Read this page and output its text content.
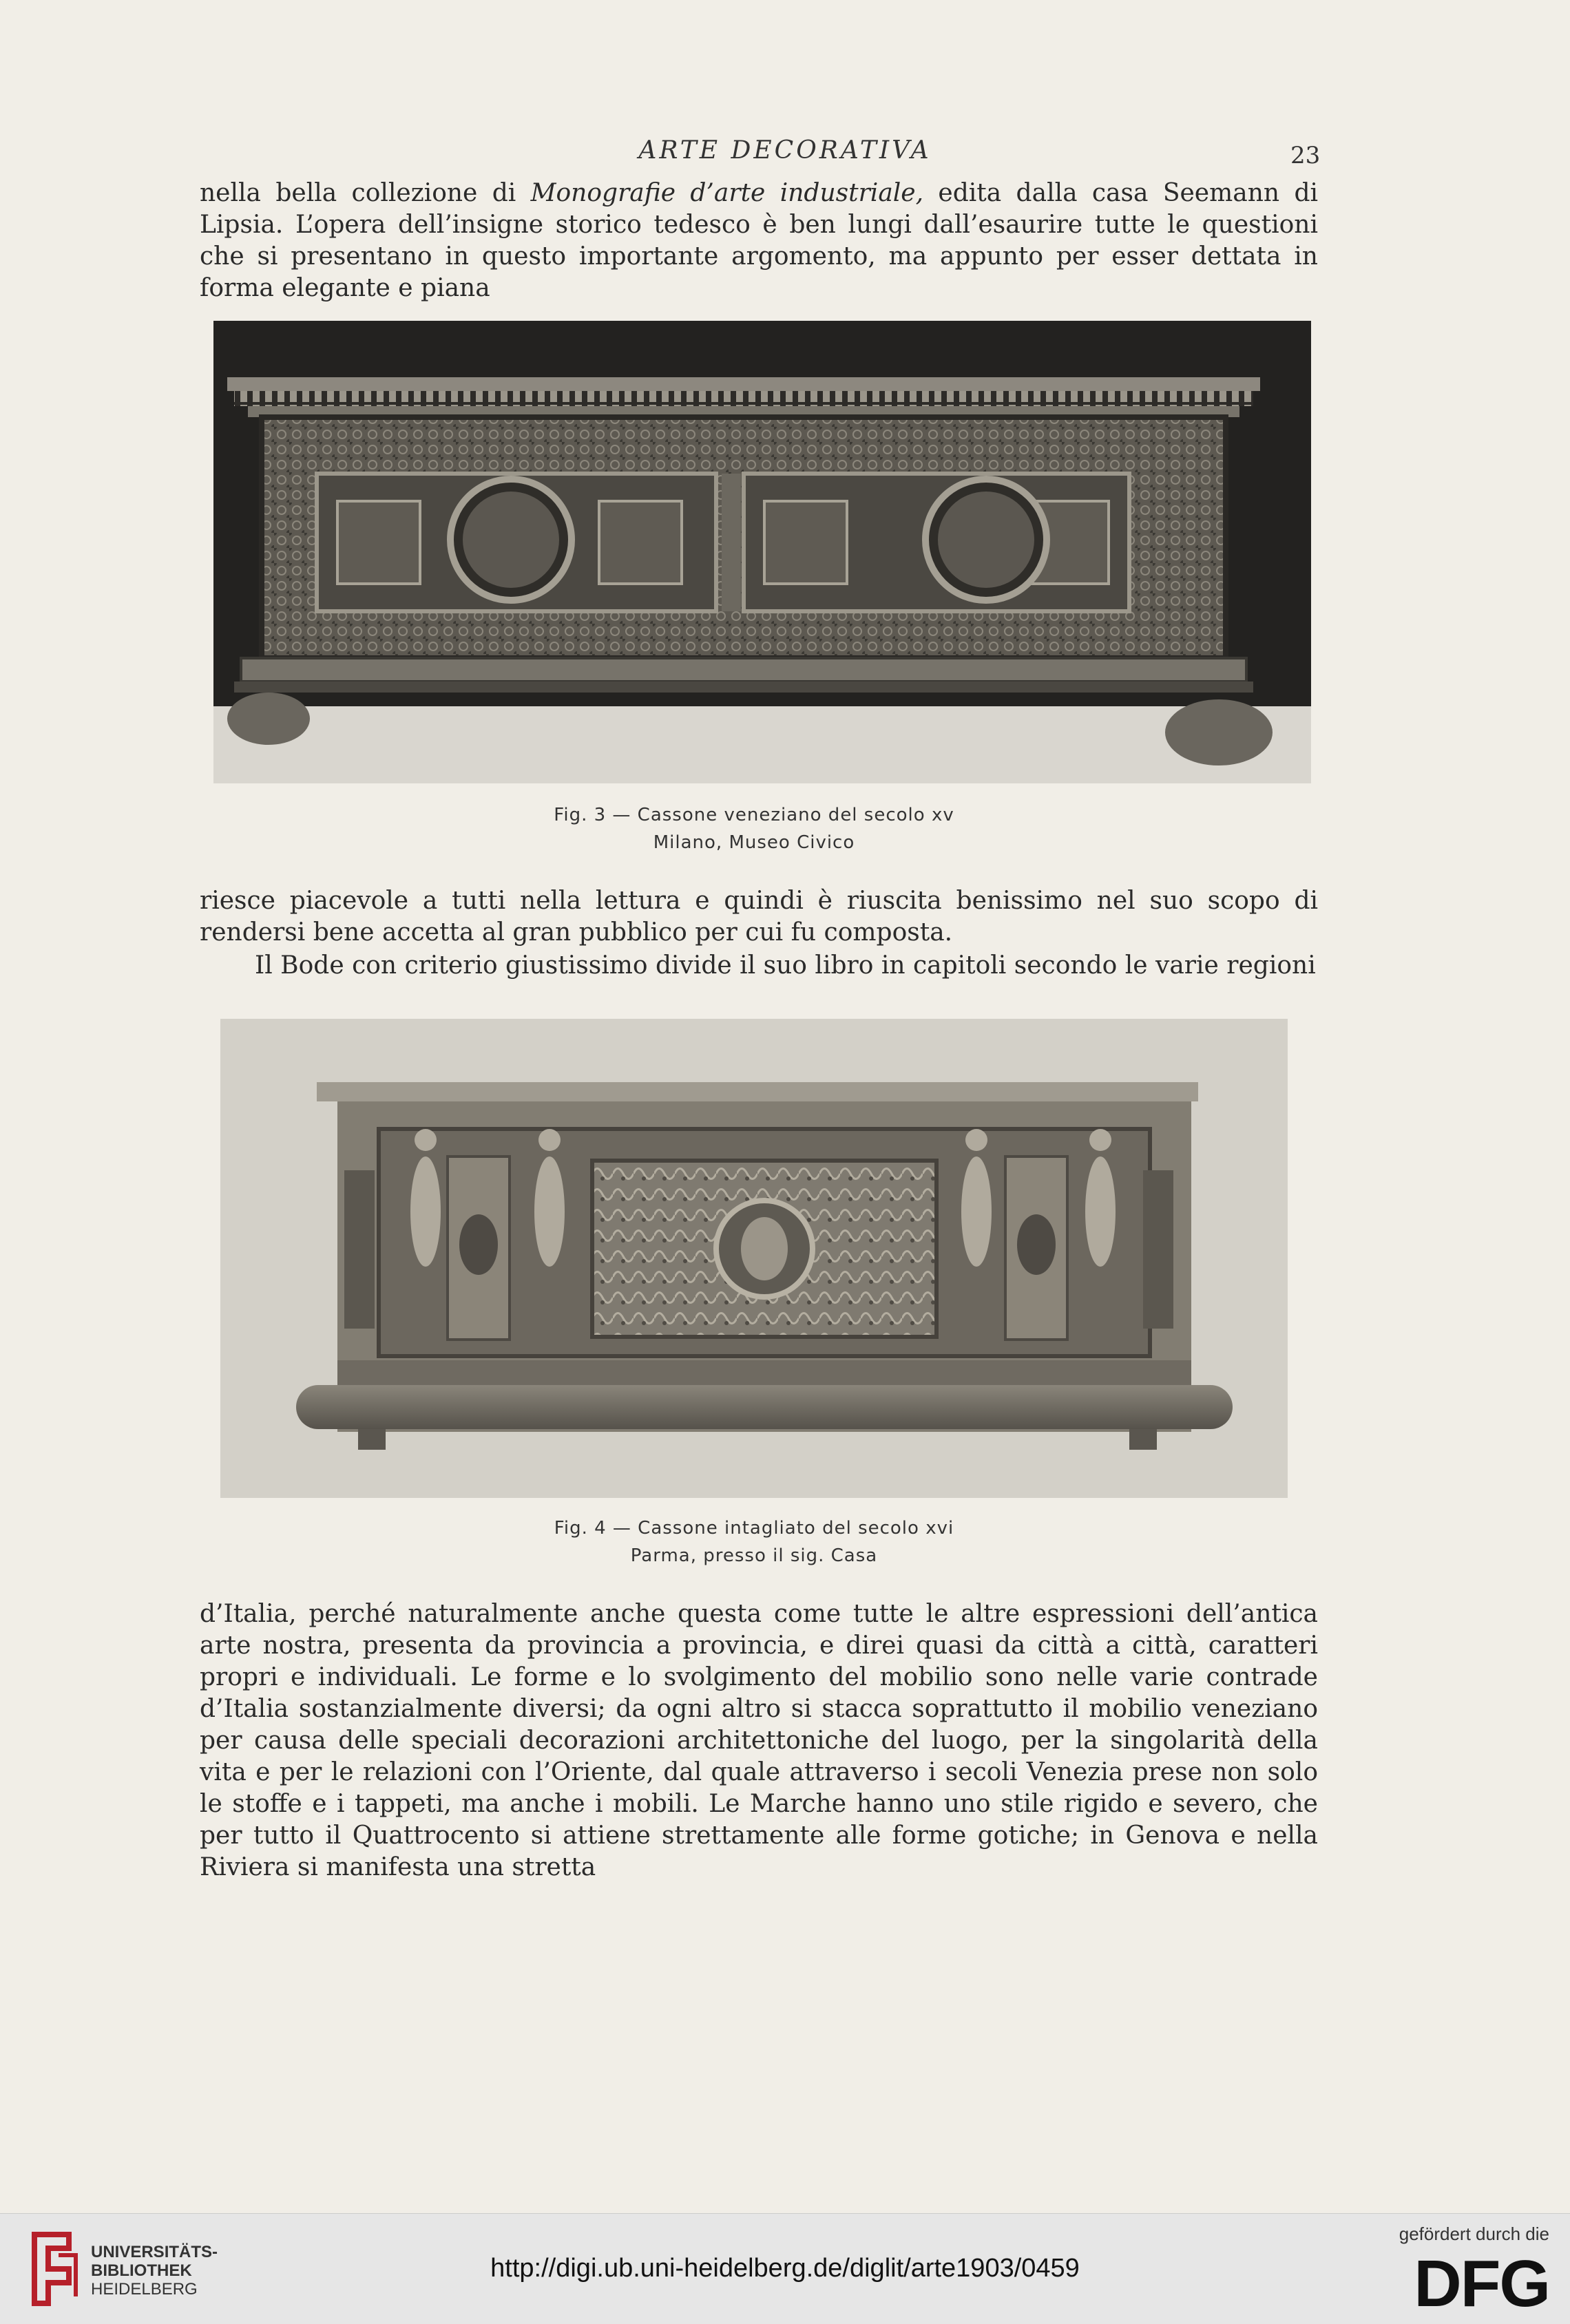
ARTE DECORATIVA	23
nella bella collezione di Monografie d’arte industriale, edita dalla casa Seemann di Lipsia. L’opera dell’insigne storico tedesco è ben lungi dall’esaurire tutte le questioni che si presentano in questo importante argomento, ma appunto per esser dettata in forma elegante e piana
Fig. 3 — Cassone veneziano del secolo xv
Milano, Museo Civico
riesce piacevole a tutti nella lettura e quindi è riuscita benissimo nel suo scopo di rendersi bene accetta al gran pubblico per cui fu composta.
Il Bode con criterio giustissimo divide il suo libro in capitoli secondo le varie regioni
Fig. 4 — Cassone intagliato del secolo xvi
Parma, presso il sig. Casa
d’Italia, perché naturalmente anche questa come tutte le altre espressioni dell’antica arte nostra, presenta da provincia a provincia, e direi quasi da città a città, caratteri propri e individuali. Le forme e lo svolgimento del mobilio sono nelle varie contrade d’Italia sostanzialmente diversi; da ogni altro si stacca soprattutto il mobilio veneziano per causa delle speciali decorazioni architettoniche del luogo, per la singolarità della vita e per le relazioni con l’Oriente, dal quale attraverso i secoli Venezia prese non solo le stoffe e i tappeti, ma anche i mobili. Le Marche hanno uno stile rigido e severo, che per tutto il Quattrocento si attiene strettamente alle forme gotiche; in Genova e nella Riviera si manifesta una stretta
UNIVERSITÄTS-
BIBLIOTHEK
HEIDELBERG
http://digi.ub.uni-heidelberg.de/diglit/arte1903/0459
gefördert durch die
DFG
